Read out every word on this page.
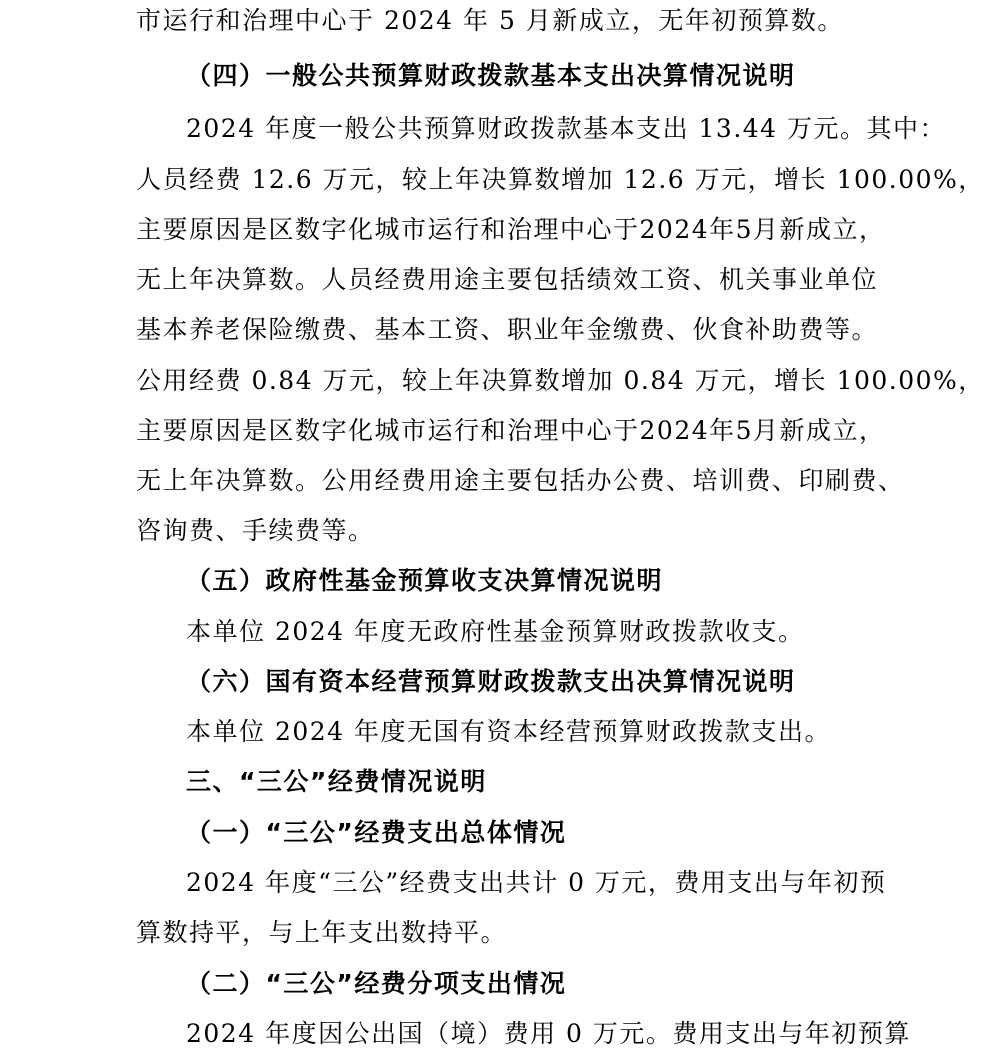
市运行和治理中心于 2024 年 5 月新成立，无年初预算数。
（四）一般公共预算财政拨款基本支出决算情况说明
2024 年度一般公共预算财政拨款基本支出 13.44 万元。其中：
人员经费 12.6 万元，较上年决算数增加 12.6 万元，增长 100.00%，
主要原因是区数字化城市运行和治理中心于2024年5月新成立，
无上年决算数。人员经费用途主要包括绩效工资、机关事业单位
基本养老保险缴费、基本工资、职业年金缴费、伙食补助费等。
公用经费 0.84 万元，较上年决算数增加 0.84 万元，增长 100.00%，
主要原因是区数字化城市运行和治理中心于2024年5月新成立，
无上年决算数。公用经费用途主要包括办公费、培训费、印刷费、
咨询费、手续费等。
（五）政府性基金预算收支决算情况说明
本单位 2024 年度无政府性基金预算财政拨款收支。
（六）国有资本经营预算财政拨款支出决算情况说明
本单位 2024 年度无国有资本经营预算财政拨款支出。
三、“三公”经费情况说明
（一）“三公”经费支出总体情况
2024 年度“三公”经费支出共计 0 万元，费用支出与年初预
算数持平，与上年支出数持平。
（二）“三公”经费分项支出情况
2024 年度因公出国（境）费用 0 万元。费用支出与年初预算
